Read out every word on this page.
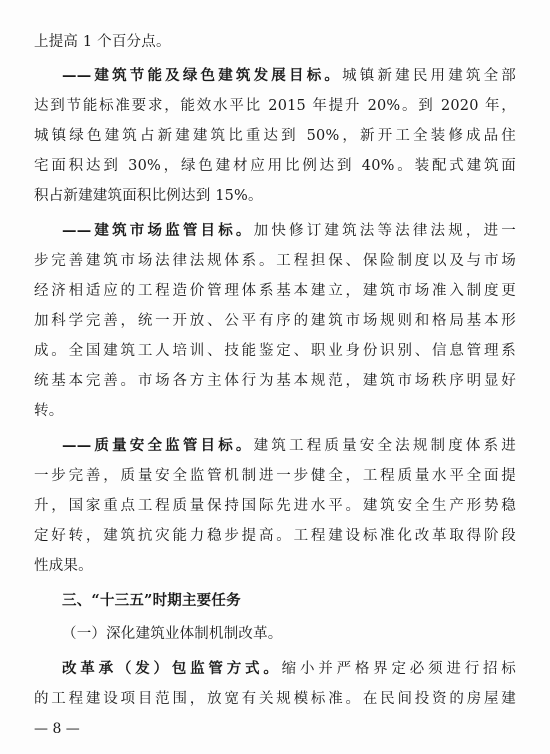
上提高 1 个百分点。
——建筑节能及绿色建筑发展目标。城镇新建民用建筑全部
达到节能标准要求，能效水平比 2015 年提升 20%。到 2020 年，
城镇绿色建筑占新建建筑比重达到 50%，新开工全装修成品住
宅面积达到 30%，绿色建材应用比例达到 40%。装配式建筑面
积占新建建筑面积比例达到 15%。
——建筑市场监管目标。加快修订建筑法等法律法规，进一
步完善建筑市场法律法规体系。工程担保、保险制度以及与市场
经济相适应的工程造价管理体系基本建立，建筑市场准入制度更
加科学完善，统一开放、公平有序的建筑市场规则和格局基本形
成。全国建筑工人培训、技能鉴定、职业身份识别、信息管理系
统基本完善。市场各方主体行为基本规范，建筑市场秩序明显好
转。
——质量安全监管目标。建筑工程质量安全法规制度体系进
一步完善，质量安全监管机制进一步健全，工程质量水平全面提
升，国家重点工程质量保持国际先进水平。建筑安全生产形势稳
定好转，建筑抗灾能力稳步提高。工程建设标准化改革取得阶段
性成果。
三、“十三五”时期主要任务
（一）深化建筑业体制机制改革。
改革承（发）包监管方式。缩小并严格界定必须进行招标
的工程建设项目范围，放宽有关规模标准。在民间投资的房屋建
— 8 —
